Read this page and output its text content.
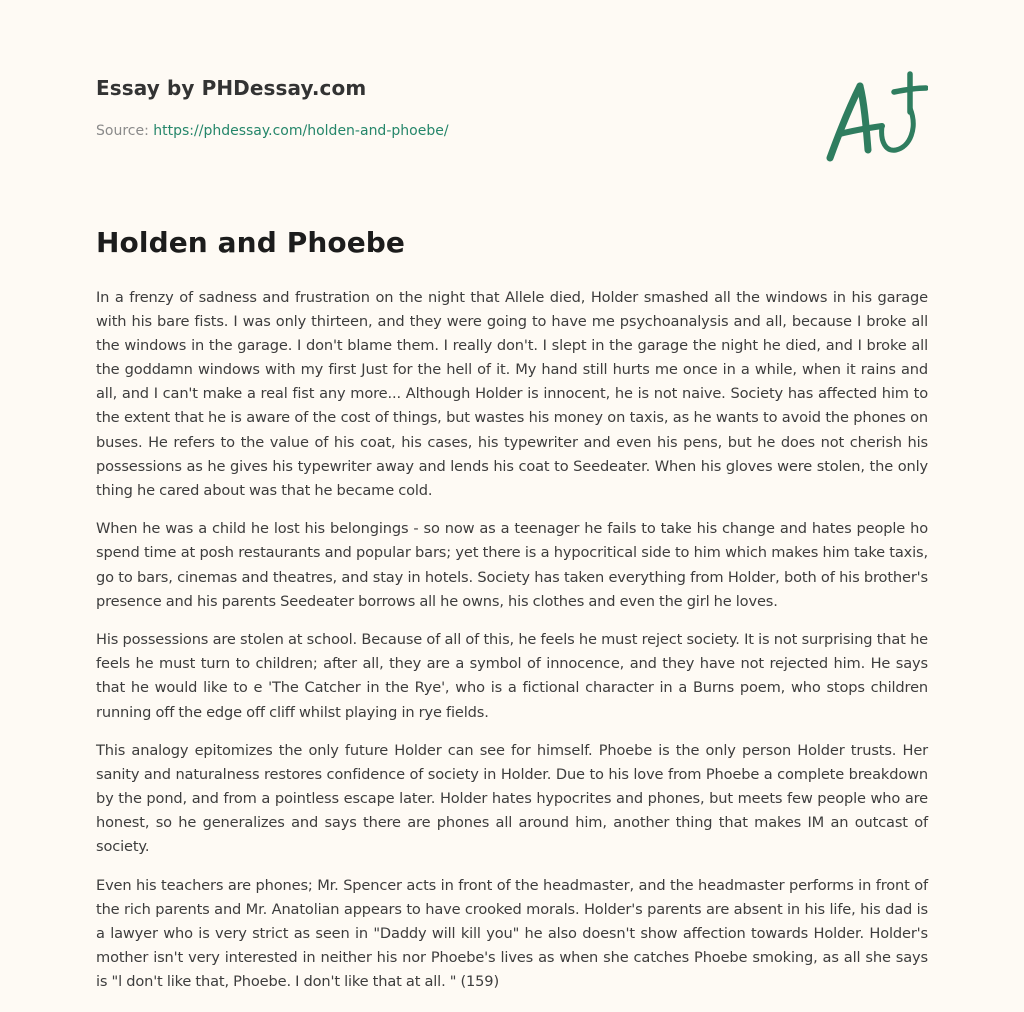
Essay by PHDessay.com

Source: https://phdessay.com/holden-and-phoebe/

Holden and Phoebe

In a frenzy of sadness and frustration on the night that Allele died, Holder smashed all the windows in his garage with his bare fists. I was only thirteen, and they were going to have me psychoanalysis and all, because I broke all the windows in the garage. I don't blame them. I really don't. I slept in the garage the night he died, and I broke all the goddamn windows with my first Just for the hell of it. My hand still hurts me once in a while, when it rains and all, and I can't make a real fist any more... Although Holder is innocent, he is not naive. Society has affected him to the extent that he is aware of the cost of things, but wastes his money on taxis, as he wants to avoid the phones on buses. He refers to the value of his coat, his cases, his typewriter and even his pens, but he does not cherish his possessions as he gives his typewriter away and lends his coat to Seedeater. When his gloves were stolen, the only thing he cared about was that he became cold.

When he was a child he lost his belongings - so now as a teenager he fails to take his change and hates people ho spend time at posh restaurants and popular bars; yet there is a hypocritical side to him which makes him take taxis, go to bars, cinemas and theatres, and stay in hotels. Society has taken everything from Holder, both of his brother's presence and his parents Seedeater borrows all he owns, his clothes and even the girl he loves.

His possessions are stolen at school. Because of all of this, he feels he must reject society. It is not surprising that he feels he must turn to children; after all, they are a symbol of innocence, and they have not rejected him. He says that he would like to e 'The Catcher in the Rye', who is a fictional character in a Burns poem, who stops children running off the edge off cliff whilst playing in rye fields.

This analogy epitomizes the only future Holder can see for himself. Phoebe is the only person Holder trusts. Her sanity and naturalness restores confidence of society in Holder. Due to his love from Phoebe a complete breakdown by the pond, and from a pointless escape later. Holder hates hypocrites and phones, but meets few people who are honest, so he generalizes and says there are phones all around him, another thing that makes IM an outcast of society.

Even his teachers are phones; Mr. Spencer acts in front of the headmaster, and the headmaster performs in front of the rich parents and Mr. Anatolian appears to have crooked morals. Holder's parents are absent in his life, his dad is a lawyer who is very strict as seen in "Daddy will kill you" he also doesn't show affection towards Holder. Holder's mother isn't very interested in neither his nor Phoebe's lives as when she catches Phoebe smoking, as all she says is "l don't like that, Phoebe. I don't like that at all. " (159)
